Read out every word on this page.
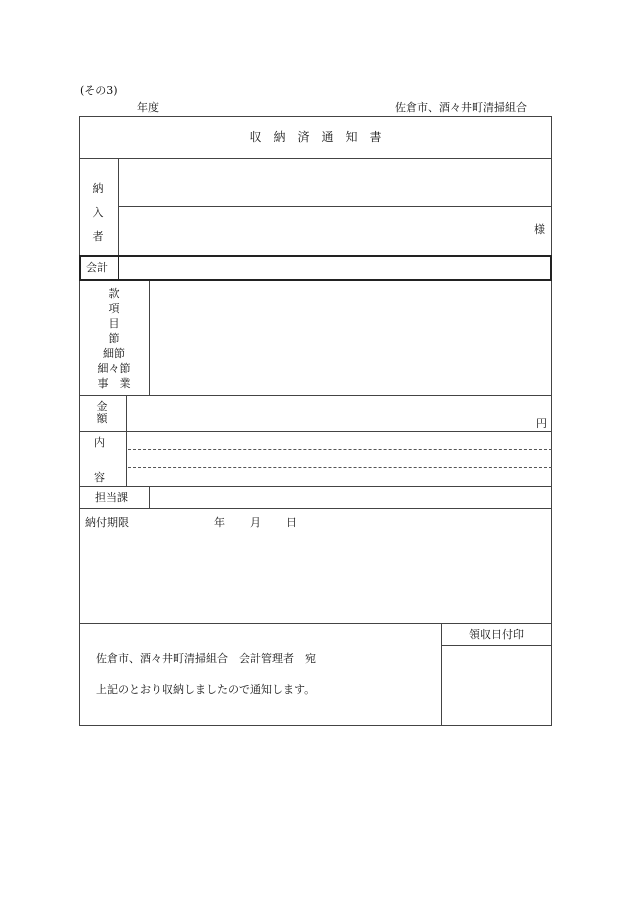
(その3)
年度	佐倉市、酒々井町清掃組合
収　納　済　通　知　書
納入者
様
会計
款
項
目
節
細節
細々節
事　業
金額	円
内
容
担当課
納付期限	年 月 日
領収日付印
佐倉市、酒々井町清掃組合　会計管理者　宛
上記のとおり収納しましたので通知します。
